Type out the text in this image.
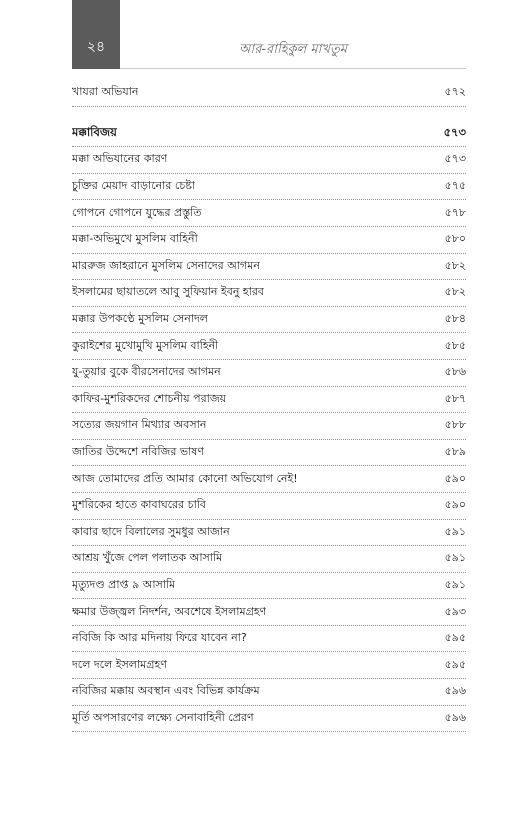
২৪	আর-রাহিকুল মাখতুম
খাযরা অভিযান	৫৭২
মক্কাবিজয়	৫৭৩
মক্কা অভিযানের কারণ	৫৭৩
চুক্তির মেয়াদ বাড়ানোর চেষ্টা	৫৭৫
গোপনে গোপনে যুদ্ধের প্রস্তুতি	৫৭৮
মক্কা-অভিমুখে মুসলিম বাহিনী	৫৮০
মাররুজ জাহরানে মুসলিম সেনাদের আগমন	৫৮২
ইসলামের ছায়াতলে আবু সুফিয়ান ইবনু হারব	৫৮২
মক্কার উপকণ্ঠে মুসলিম সেনাদল	৫৮৪
কুরাইশের মুখোমুখি মুসলিম বাহিনী	৫৮৫
যু-তুয়ার বুকে বীরসেনাদের আগমন	৫৮৬
কাফির-মুশরিকদের শোচনীয় পরাজয়	৫৮৭
সত্যের জয়গান মিথ্যার অবসান	৫৮৮
জাতির উদ্দেশে নবিজির ভাষণ	৫৮৯
আজ তোমাদের প্রতি আমার কোনো অভিযোগ নেই!	৫৯০
মুশরিকের হাতে কাবাঘরের চাবি	৫৯০
কাবার ছাদে বিলালের সুমধুর আজান	৫৯১
আশ্রয় খুঁজে পেল পলাতক আসামি	৫৯১
মৃত্যুদণ্ড প্রাপ্ত ৯ আসামি	৫৯১
ক্ষমার উজ্জ্বল নিদর্শন, অবশেষে ইসলামগ্রহণ	৫৯৩
নবিজি কি আর মদিনায় ফিরে যাবেন না?	৫৯৫
দলে দলে ইসলামগ্রহণ	৫৯৫
নবিজির মক্কায় অবস্থান এবং বিভিন্ন কার্যক্রম	৫৯৬
মূর্তি অপসারণের লক্ষ্যে সেনাবাহিনী প্রেরণ	৫৯৬
